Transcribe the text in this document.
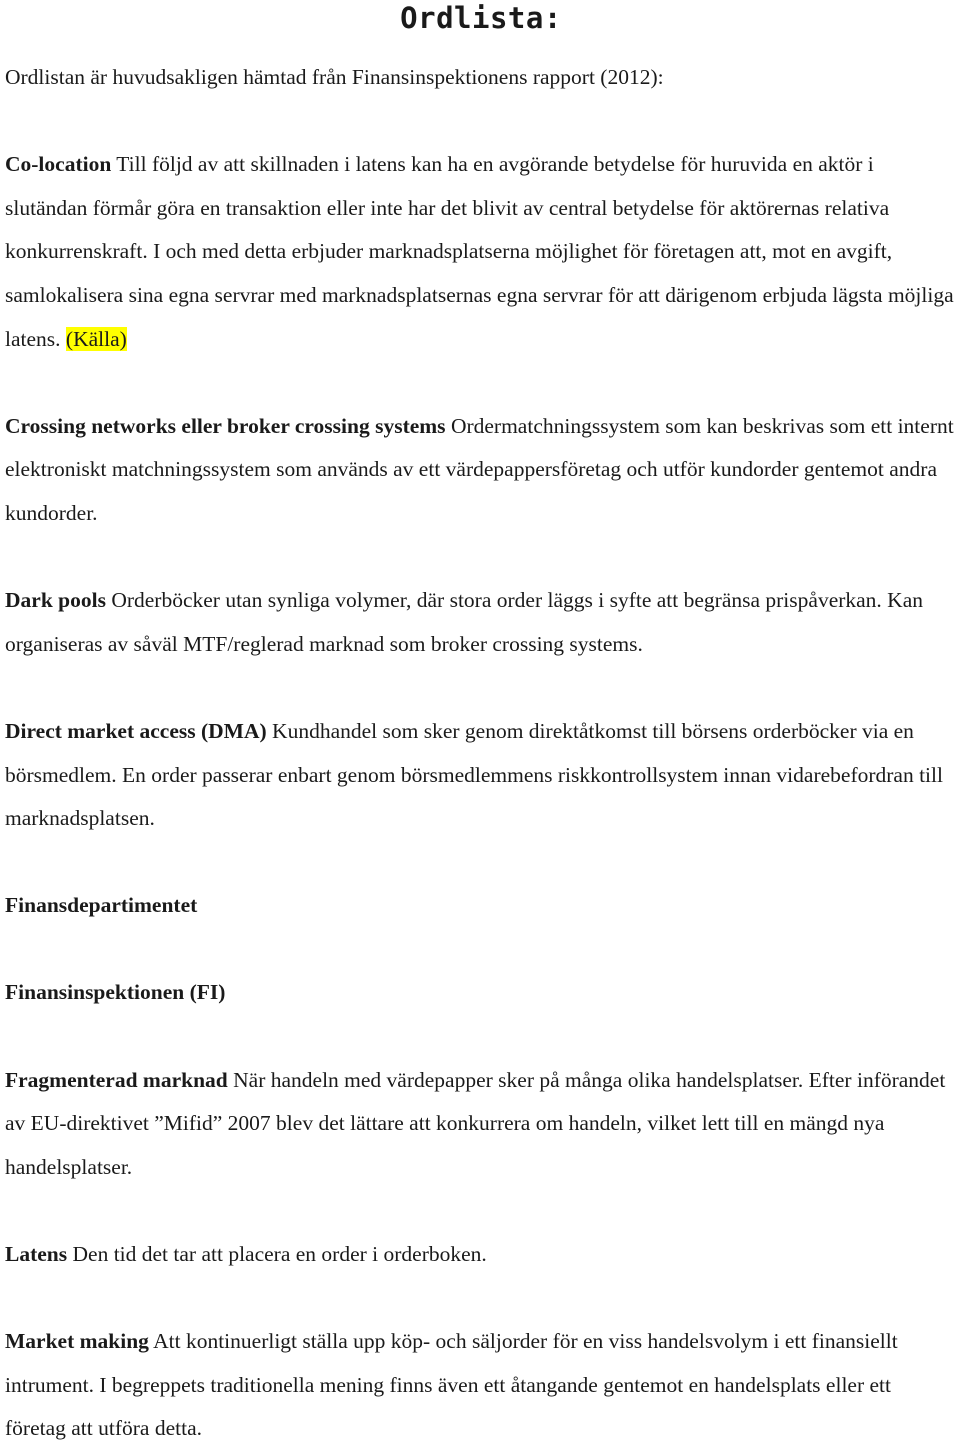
Ordlista:

Ordlistan är huvudsakligen hämtad från Finansinspektionens rapport (2012):

Co-location Till följd av att skillnaden i latens kan ha en avgörande betydelse för huruvida en aktör i slutändan förmår göra en transaktion eller inte har det blivit av central betydelse för aktörernas relativa konkurrenskraft. I och med detta erbjuder marknadsplatserna möjlighet för företagen att, mot en avgift, samlokalisera sina egna servrar med marknadsplatsernas egna servrar för att därigenom erbjuda lägsta möjliga latens. (Källa)

Crossing networks eller broker crossing systems Ordermatchningssystem som kan beskrivas som ett internt elektroniskt matchningssystem som används av ett värdepappersföretag och utför kundorder gentemot andra kundorder.

Dark pools Orderböcker utan synliga volymer, där stora order läggs i syfte att begränsa prispåverkan. Kan organiseras av såväl MTF/reglerad marknad som broker crossing systems.

Direct market access (DMA) Kundhandel som sker genom direktåtkomst till börsens orderböcker via en börsmedlem. En order passerar enbart genom börsmedlemmens riskkontrollsystem innan vidarebefordran till marknadsplatsen.

Finansdepartimentet

Finansinspektionen (FI)

Fragmenterad marknad När handeln med värdepapper sker på många olika handelsplatser. Efter införandet av EU-direktivet ”Mifid” 2007 blev det lättare att konkurrera om handeln, vilket lett till en mängd nya handelsplatser.

Latens Den tid det tar att placera en order i orderboken.

Market making Att kontinuerligt ställa upp köp- och säljorder för en viss handelsvolym i ett finansiellt intrument. I begreppets traditionella mening finns även ett åtangande gentemot en handelsplats eller ett företag att utföra detta.
